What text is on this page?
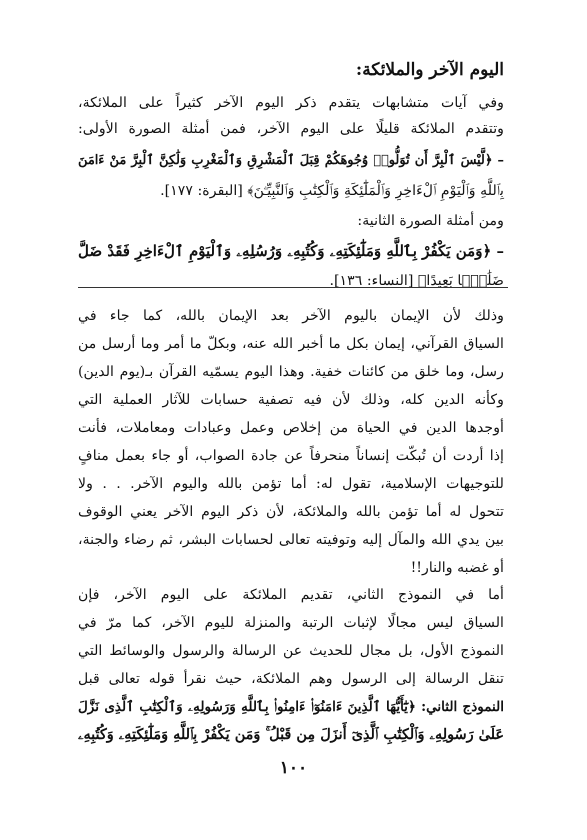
اليوم الآخر والملائكة:
وفي آيات متشابهات يتقدم ذكر اليوم الآخر كثيراً على الملائكة،
وتتقدم الملائكة قليلًا على اليوم الآخر، فمن أمثلة الصورة الأولى:
– ﴿لَّيْسَ ٱلْبِرَّ أَن تُوَلُّوا۟ وُجُوهَكُمْ قِبَلَ ٱلْمَشْرِقِ وَٱلْمَغْرِبِ وَلَٰكِنَّ ٱلْبِرَّ مَنْ ءَامَنَ
بِٱللَّهِ وَٱلْيَوْمِ ٱلْءَاخِرِ وَٱلْمَلَٰٓئِكَةِ وَٱلْكِتَٰبِ وَٱلنَّبِيِّـۧنَ﴾ [البقرة: ١٧٧].
ومن أمثلة الصورة الثانية:
– ﴿وَمَن يَكْفُرْ بِٱللَّهِ وَمَلَٰٓئِكَتِهِۦ وَكُتُبِهِۦ وَرُسُلِهِۦ وَٱلْيَوْمِ ٱلْءَاخِرِ فَقَدْ ضَلَّ
ضَلَٰلًۢا بَعِيدًا﴾ [النساء: ١٣٦].
وذلك لأن الإيمان باليوم الآخر بعد الإيمان بالله، كما جاء في
السياق القرآني، إيمان بكل ما أخبر الله عنه، وبكلّ ما أمر وما أرسل من
رسل، وما خلق من كائنات خفية. وهذا اليوم يسمّيه القرآن بـ(يوم الدين)
وكأنه الدين كله، وذلك لأن فيه تصفية حسابات للآثار العملية التي
أوجدها الدين في الحياة من إخلاص وعمل وعبادات ومعاملات، فأنت
إذا أردت أن تُبكّت إنساناً منحرفاً عن جادة الصواب، أو جاء بعمل منافٍ
للتوجيهات الإسلامية، تقول له: أما تؤمن بالله واليوم الآخر. . . ولا
تتحول له أما تؤمن بالله والملائكة، لأن ذكر اليوم الآخر يعني الوقوف
بين يدي الله والمآل إليه وتوفيته تعالى لحسابات البشر، ثم رضاء والجنة،
أو غضبه والنار!!
أما في النموذج الثاني، تقديم الملائكة على اليوم الآخر، فإن
السياق ليس مجالًا لإثبات الرتبة والمنزلة لليوم الآخر، كما مرّ في
النموذج الأول، بل مجال للحديث عن الرسالة والرسول والوسائط التي
تنقل الرسالة إلى الرسول وهم الملائكة، حيث نقرأ قوله تعالى قبل
النموذج الثاني: ﴿يَٰٓأَيُّهَا ٱلَّذِينَ ءَامَنُوٓا۟ ءَامِنُوا۟ بِٱللَّهِ وَرَسُولِهِۦ وَٱلْكِتَٰبِ ٱلَّذِى نَزَّلَ
عَلَىٰ رَسُولِهِۦ وَٱلْكِتَٰبِ ٱلَّذِىٓ أَنزَلَ مِن قَبْلُ ۚ وَمَن يَكْفُرْ بِٱللَّهِ وَمَلَٰٓئِكَتِهِۦ وَكُتُبِهِۦ
١٠٠
